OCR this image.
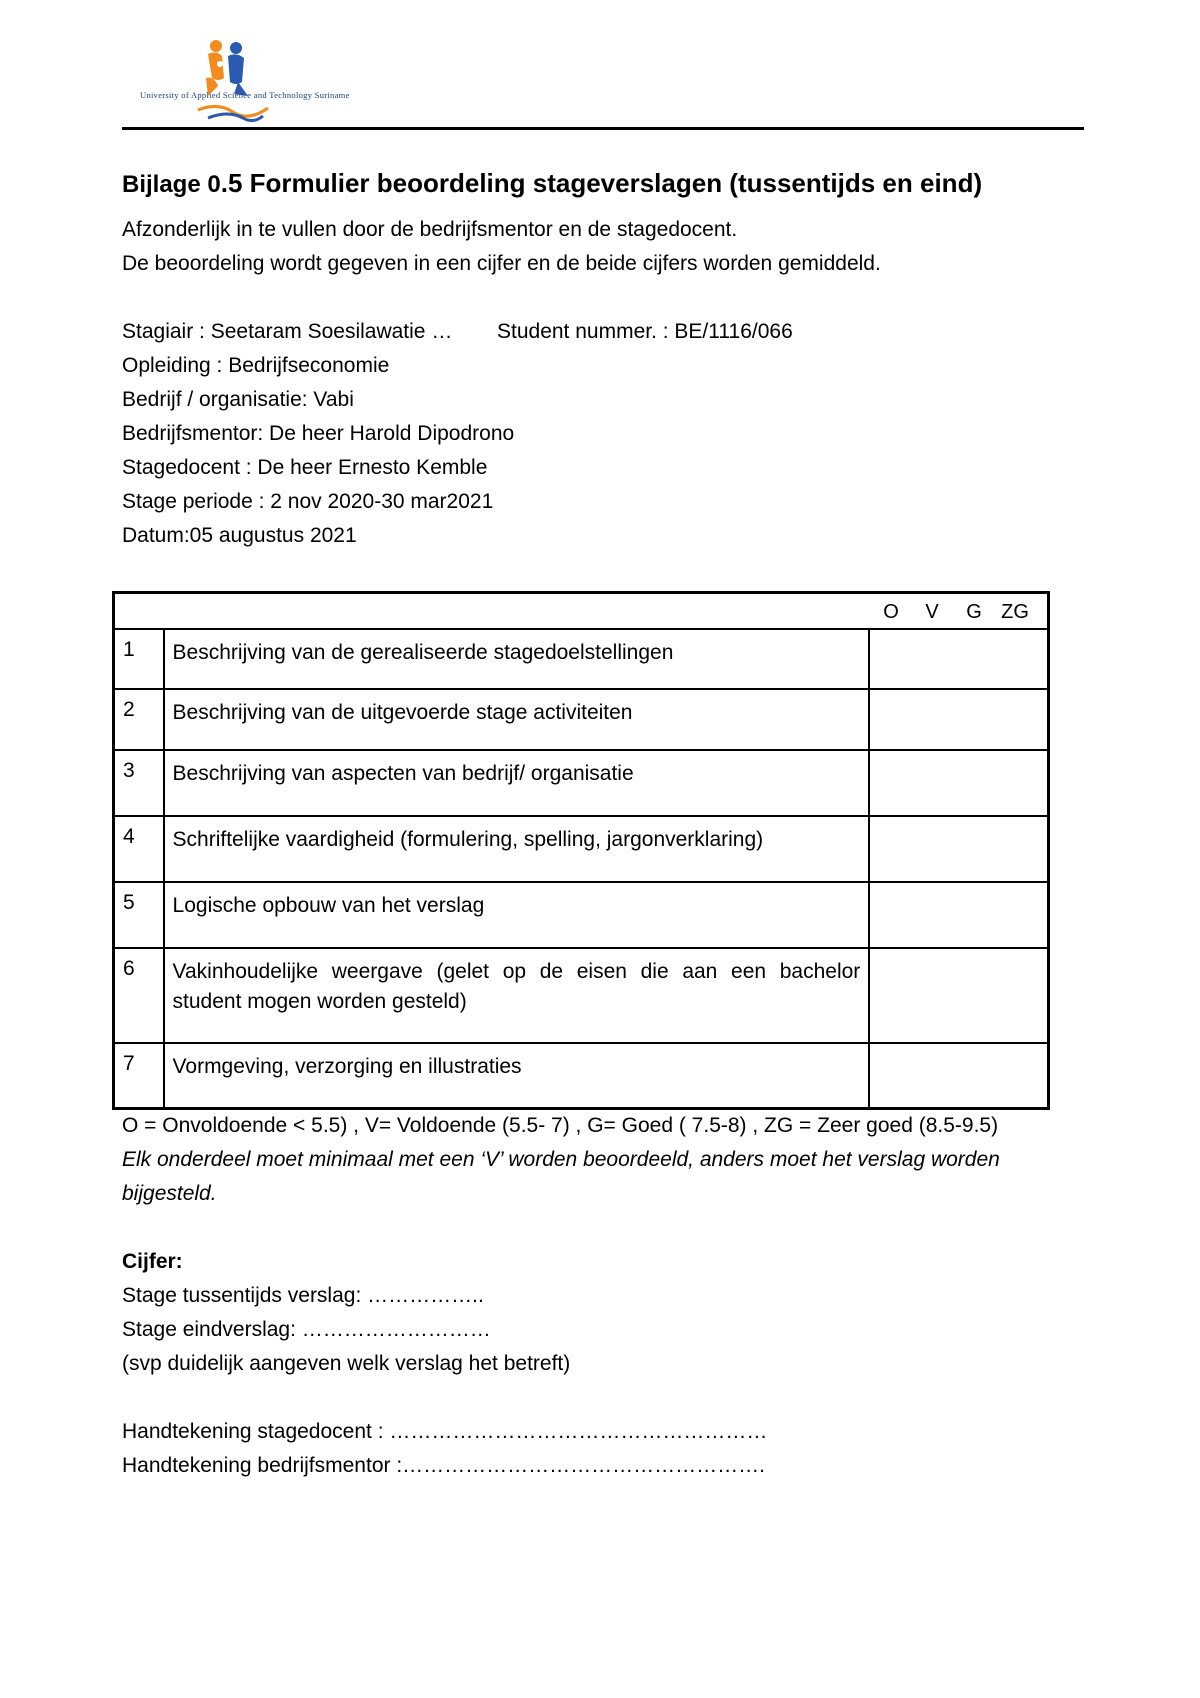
University of Applied Science and Technology Suriname
Bijlage 0.5 Formulier beoordeling stageverslagen (tussentijds en eind)
Afzonderlijk in te vullen door de bedrijfsmentor en de stagedocent.
De beoordeling wordt gegeven in een cijfer en de beide cijfers worden gemiddeld.
Stagiair : Seetaram Soesilawatie … Student nummer. : BE/1116/066
Opleiding : Bedrijfseconomie
Bedrijf / organisatie: Vabi
Bedrijfsmentor: De heer Harold Dipodrono
Stagedocent : De heer Ernesto Kemble
Stage periode : 2 nov 2020-30 mar2021
Datum:05 augustus 2021
O V G ZG		

1	Beschrijving van de gerealiseerde stagedoelstellingen	
2	Beschrijving van de uitgevoerde stage activiteiten	
3	Beschrijving van aspecten van bedrijf/ organisatie	
4	Schriftelijke vaardigheid (formulering, spelling, jargonverklaring)	
5	Logische opbouw van het verslag	
6	Vakinhoudelijke weergave (gelet op de eisen die aan een bachelor student mogen worden gesteld)	
7	Vormgeving, verzorging en illustraties	
O = Onvoldoende < 5.5) , V= Voldoende (5.5- 7) , G= Goed ( 7.5-8) , ZG = Zeer goed (8.5-9.5)
Elk onderdeel moet minimaal met een ‘V’ worden beoordeeld, anders moet het verslag worden
bijgesteld.
Cijfer:
Stage tussentijds verslag: ……………..
Stage eindverslag: ………………………
(svp duidelijk aangeven welk verslag het betreft)
Handtekening stagedocent : ………………………………………………
Handtekening bedrijfsmentor :…………………………………………….
